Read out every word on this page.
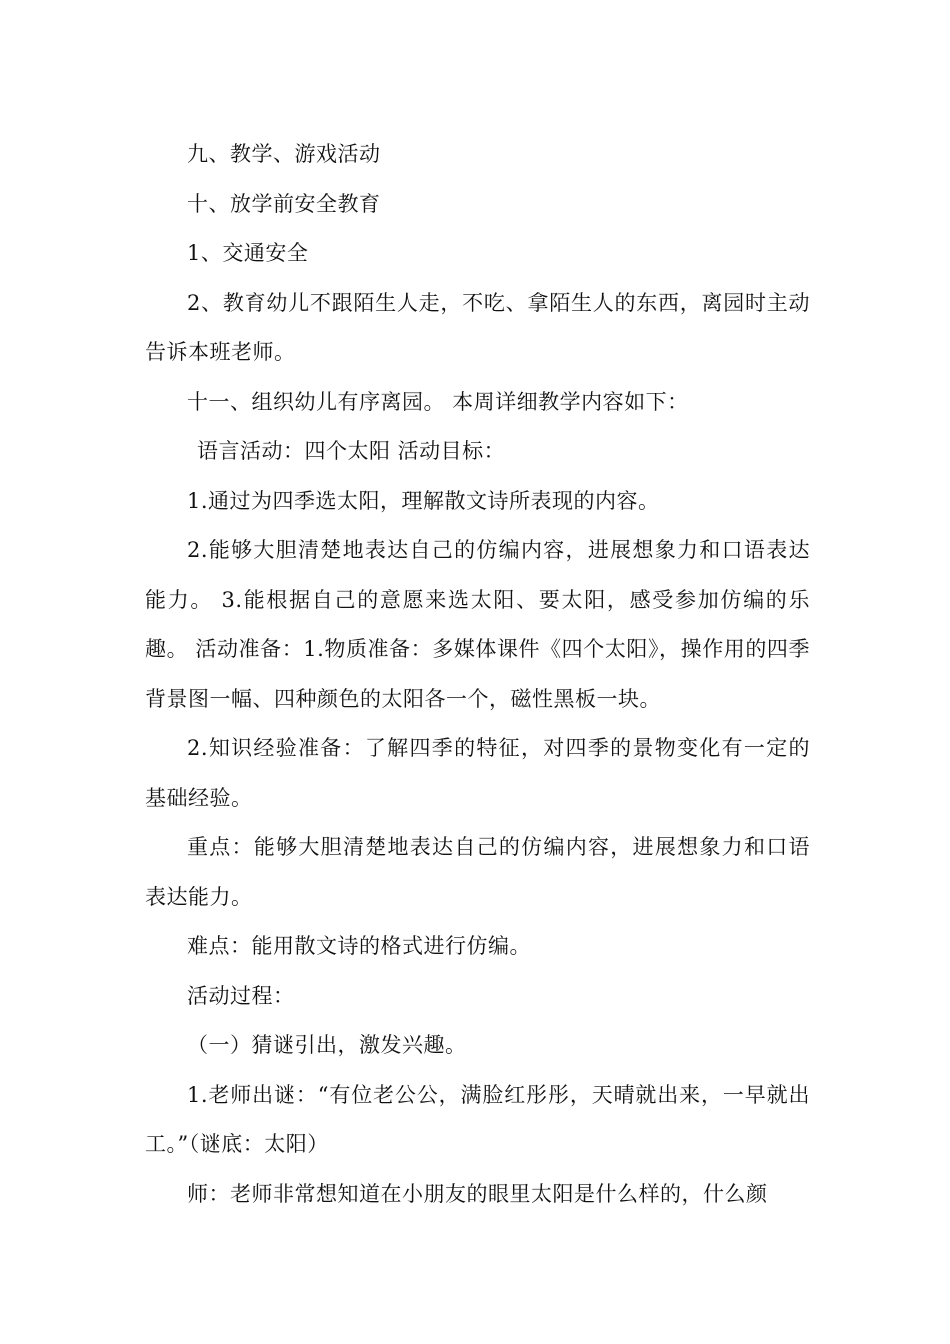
九、教学、游戏活动

十、放学前安全教育

1、交通安全

2、教育幼儿不跟陌生人走，不吃、拿陌生人的东西，离园时主动告诉本班老师。

十一、组织幼儿有序离园。 本周详细教学内容如下：

语言活动：四个太阳 活动目标：

1.通过为四季选太阳，理解散文诗所表现的内容。

2.能够大胆清楚地表达自己的仿编内容，进展想象力和口语表达能力。 3.能根据自己的意愿来选太阳、要太阳，感受参加仿编的乐趣。 活动准备：1.物质准备：多媒体课件《四个太阳》，操作用的四季背景图一幅、四种颜色的太阳各一个，磁性黑板一块。

2.知识经验准备：了解四季的特征，对四季的景物变化有一定的基础经验。

重点：能够大胆清楚地表达自己的仿编内容，进展想象力和口语表达能力。

难点：能用散文诗的格式进行仿编。

活动过程：

（一）猜谜引出，激发兴趣。

1.老师出谜：“有位老公公，满脸红彤彤，天晴就出来，一早就出工。”（谜底：太阳）

师：老师非常想知道在小朋友的眼里太阳是什么样的，什么颜
